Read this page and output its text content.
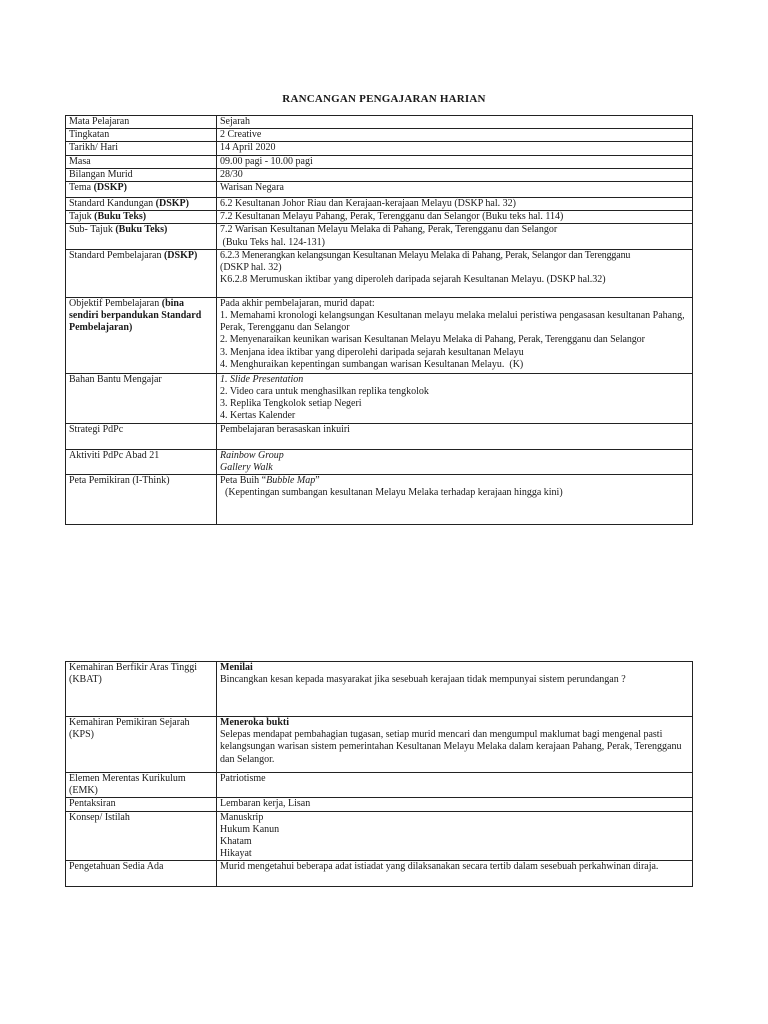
RANCANGAN PENGAJARAN HARIAN
Mata Pelajaran	Sejarah
Tingkatan	2 Creative
Tarikh/ Hari	14 April 2020
Masa	09.00 pagi - 10.00 pagi
Bilangan Murid	28/30
Tema (DSKP)	Warisan Negara
Standard Kandungan (DSKP)	6.2 Kesultanan Johor Riau dan Kerajaan-kerajaan Melayu (DSKP hal. 32)
Tajuk (Buku Teks)	7.2 Kesultanan Melayu Pahang, Perak, Terengganu dan Selangor (Buku teks hal. 114)
Sub- Tajuk (Buku Teks)	7.2 Warisan Kesultanan Melayu Melaka di Pahang, Perak, Terengganu dan Selangor
(Buku Teks hal. 124-131)

Standard Pembelajaran (DSKP)	6.2.3 Menerangkan kelangsungan Kesultanan Melayu Melaka di Pahang, Perak, Selangor dan Terengganu
(DSKP hal. 32)
K6.2.8 Merumuskan iktibar yang diperoleh daripada sejarah Kesultanan Melayu. (DSKP hal.32)

Objektif Pembelajaran (bina sendiri berpandukan Standard Pembelajaran)	Pada akhir pembelajaran, murid dapat:
1. Memahami kronologi kelangsungan Kesultanan melayu melaka melalui peristiwa pengasasan kesultanan Pahang, Perak, Terengganu dan Selangor
2. Menyenaraikan keunikan warisan Kesultanan Melayu Melaka di Pahang, Perak, Terengganu dan Selangor
3. Menjana idea iktibar yang diperolehi daripada sejarah kesultanan Melayu
4. Menghuraikan kepentingan sumbangan warisan Kesultanan Melayu.  (K)

Bahan Bantu Mengajar	1. Slide Presentation
2. Video cara untuk menghasilkan replika tengkolok
3. Replika Tengkolok setiap Negeri
4. Kertas Kalender

Strategi PdPc	Pembelajaran berasaskan inkuiri
Aktiviti PdPc Abad 21	Rainbow Group
Gallery Walk

Peta Pemikiran (I-Think)	Peta Buih “Bubble Map”
(Kepentingan sumbangan kesultanan Melayu Melaka terhadap kerajaan hingga kini)
Kemahiran Berfikir Aras Tinggi (KBAT)	Menilai
Bincangkan kesan kepada masyarakat jika sesebuah kerajaan tidak mempunyai sistem perundangan ?

Kemahiran Pemikiran Sejarah (KPS)	Meneroka bukti
Selepas mendapat pembahagian tugasan, setiap murid mencari dan mengumpul maklumat bagi mengenal pasti kelangsungan warisan sistem pemerintahan Kesultanan Melayu Melaka dalam kerajaan Pahang, Perak, Terengganu dan Selangor.

Elemen Merentas Kurikulum (EMK)	Patriotisme
Pentaksiran	Lembaran kerja, Lisan
Konsep/ Istilah	Manuskrip
Hukum Kanun
Khatam
Hikayat

Pengetahuan Sedia Ada	Murid mengetahui beberapa adat istiadat yang dilaksanakan secara tertib dalam sesebuah perkahwinan diraja.
